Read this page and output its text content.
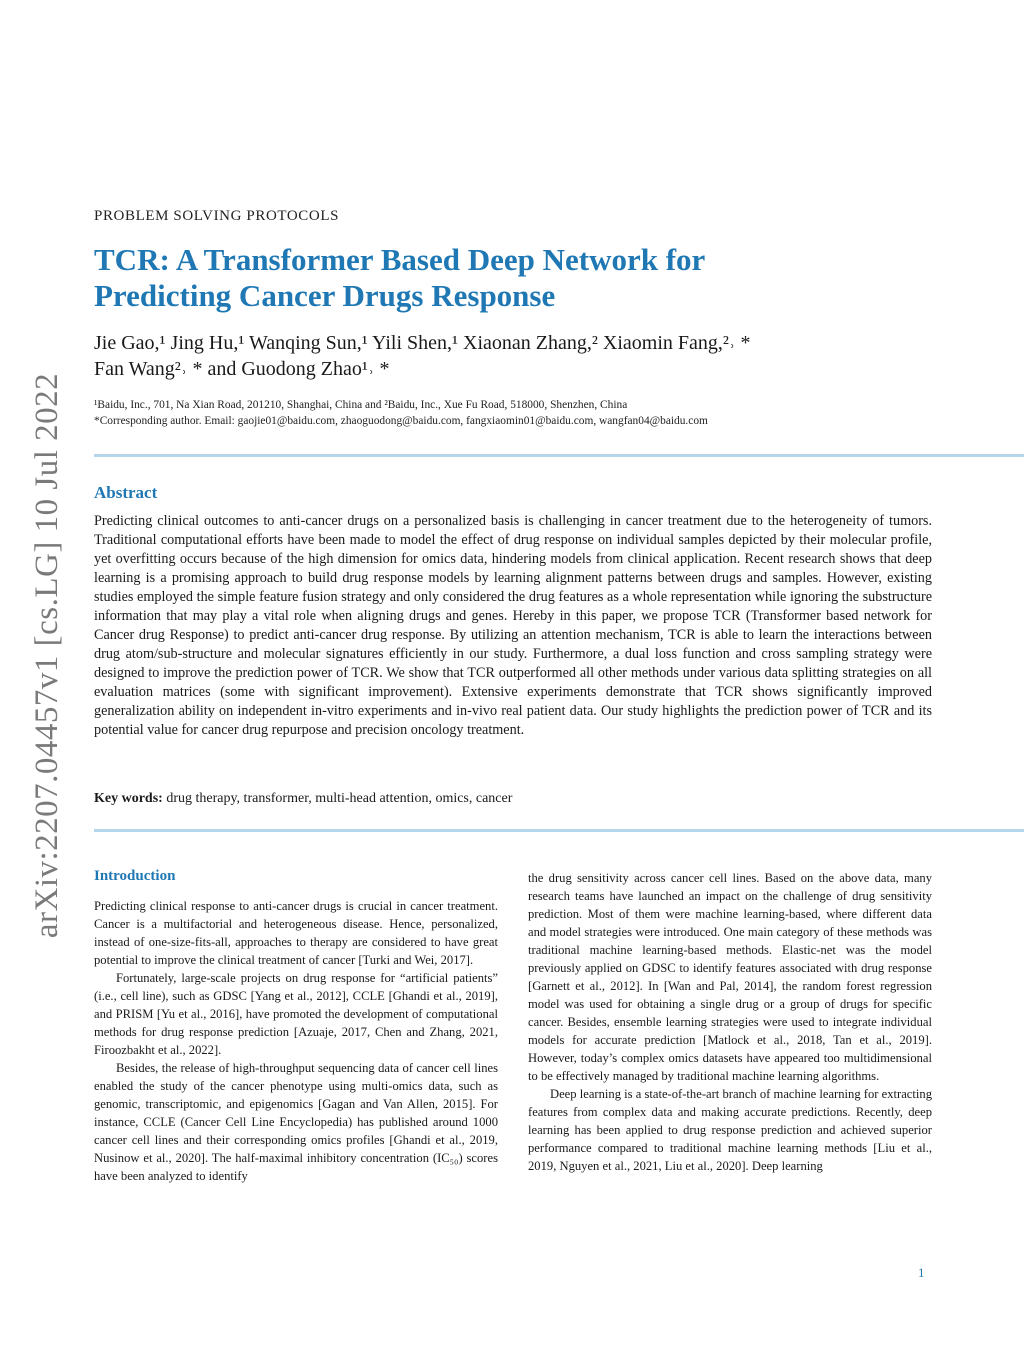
arXiv:2207.04457v1 [cs.LG] 10 Jul 2022
PROBLEM SOLVING PROTOCOLS
TCR: A Transformer Based Deep Network for
Predicting Cancer Drugs Response
Jie Gao,¹ Jing Hu,¹ Wanqing Sun,¹ Yili Shen,¹ Xiaonan Zhang,² Xiaomin Fang,²˒ *
Fan Wang²˒ * and Guodong Zhao¹˒ *
¹Baidu, Inc., 701, Na Xian Road, 201210, Shanghai, China and ²Baidu, Inc., Xue Fu Road, 518000, Shenzhen, China
*Corresponding author. Email: gaojie01@baidu.com, zhaoguodong@baidu.com, fangxiaomin01@baidu.com, wangfan04@baidu.com
Abstract

Predicting clinical outcomes to anti-cancer drugs on a personalized basis is challenging in cancer treatment due to the heterogeneity of tumors. Traditional computational efforts have been made to model the effect of drug response on individual samples depicted by their molecular profile, yet overfitting occurs because of the high dimension for omics data, hindering models from clinical application. Recent research shows that deep learning is a promising approach to build drug response models by learning alignment patterns between drugs and samples. However, existing studies employed the simple feature fusion strategy and only considered the drug features as a whole representation while ignoring the substructure information that may play a vital role when aligning drugs and genes. Hereby in this paper, we propose TCR (Transformer based network for Cancer drug Response) to predict anti-cancer drug response. By utilizing an attention mechanism, TCR is able to learn the interactions between drug atom/sub-structure and molecular signatures efficiently in our study. Furthermore, a dual loss function and cross sampling strategy were designed to improve the prediction power of TCR. We show that TCR outperformed all other methods under various data splitting strategies on all evaluation matrices (some with significant improvement). Extensive experiments demonstrate that TCR shows significantly improved generalization ability on independent in-vitro experiments and in-vivo real patient data. Our study highlights the prediction power of TCR and its potential value for cancer drug repurpose and precision oncology treatment.

Key words: drug therapy, transformer, multi-head attention, omics, cancer
Introduction

Predicting clinical response to anti-cancer drugs is crucial in cancer treatment. Cancer is a multifactorial and heterogeneous disease. Hence, personalized, instead of one-size-fits-all, approaches to therapy are considered to have great potential to improve the clinical treatment of cancer [Turki and Wei, 2017].

Fortunately, large-scale projects on drug response for “artificial patients” (i.e., cell line), such as GDSC [Yang et al., 2012], CCLE [Ghandi et al., 2019], and PRISM [Yu et al., 2016], have promoted the development of computational methods for drug response prediction [Azuaje, 2017, Chen and Zhang, 2021, Firoozbakht et al., 2022].

Besides, the release of high-throughput sequencing data of cancer cell lines enabled the study of the cancer phenotype using multi-omics data, such as genomic, transcriptomic, and epigenomics [Gagan and Van Allen, 2015]. For instance, CCLE (Cancer Cell Line Encyclopedia) has published around 1000 cancer cell lines and their corresponding omics profiles [Ghandi et al., 2019, Nusinow et al., 2020]. The half-maximal inhibitory concentration (IC₅₀) scores have been analyzed to identify

the drug sensitivity across cancer cell lines. Based on the above data, many research teams have launched an impact on the challenge of drug sensitivity prediction. Most of them were machine learning-based, where different data and model strategies were introduced. One main category of these methods was traditional machine learning-based methods. Elastic-net was the model previously applied on GDSC to identify features associated with drug response [Garnett et al., 2012]. In [Wan and Pal, 2014], the random forest regression model was used for obtaining a single drug or a group of drugs for specific cancer. Besides, ensemble learning strategies were used to integrate individual models for accurate prediction [Matlock et al., 2018, Tan et al., 2019]. However, today’s complex omics datasets have appeared too multidimensional to be effectively managed by traditional machine learning algorithms.

Deep learning is a state-of-the-art branch of machine learning for extracting features from complex data and making accurate predictions. Recently, deep learning has been applied to drug response prediction and achieved superior performance compared to traditional machine learning methods [Liu et al., 2019, Nguyen et al., 2021, Liu et al., 2020]. Deep learning

1
